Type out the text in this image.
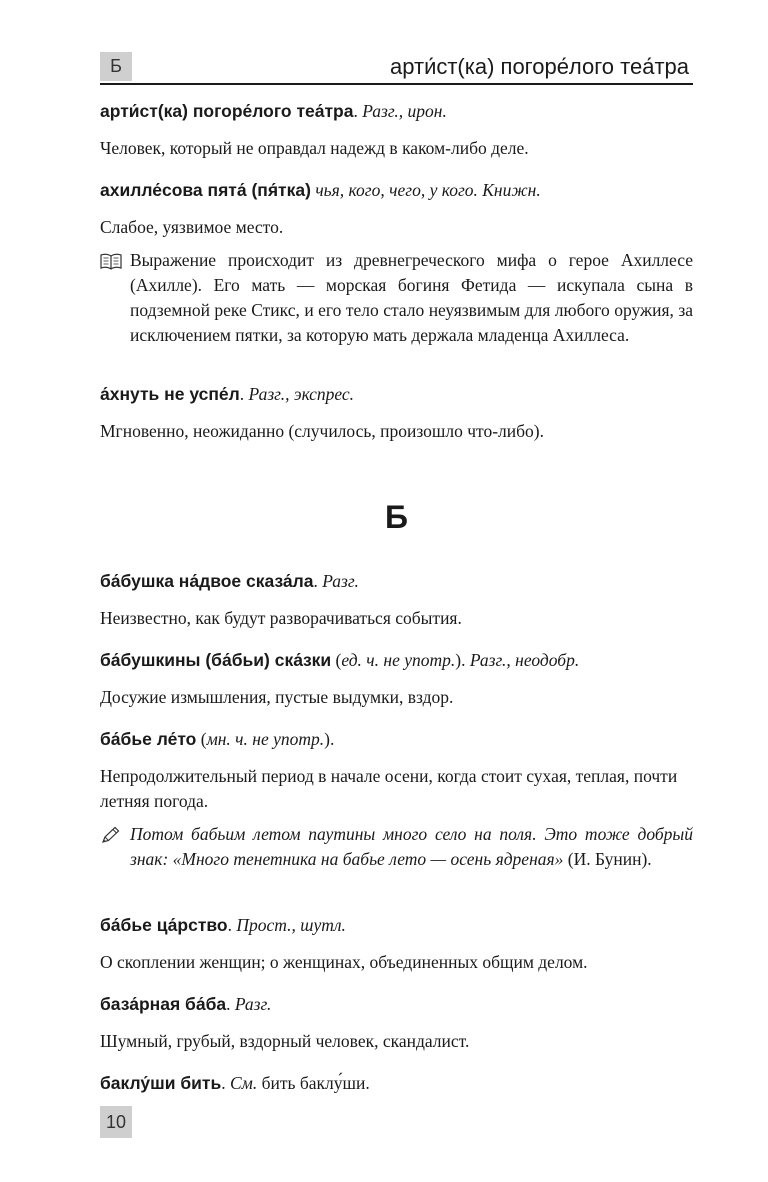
Б	арти́ст(ка) погоре́лого теа́тра
арти́ст(ка) погоре́лого теа́тра. Разг., ирон.
Человек, который не оправдал надежд в каком-либо деле.
ахилле́сова пята́ (пя́тка) чья, кого, чего, у кого. Книжн.
Слабое, уязвимое место.
Выражение происходит из древнегреческого мифа о герое Ахиллесе (Ахилле). Его мать — морская богиня Фетида — искупала сына в подземной реке Стикс, и его тело стало неуязвимым для любого оружия, за исключением пятки, за которую мать держала младенца Ахиллеса.
а́хнуть не успе́л. Разг., экспрес.
Мгновенно, неожиданно (случилось, произошло что-либо).
Б
ба́бушка на́двое сказа́ла. Разг.
Неизвестно, как будут разворачиваться события.
ба́бушкины (ба́бьи) ска́зки (ед. ч. не употр.). Разг., неодобр.
Досужие измышления, пустые выдумки, вздор.
ба́бье ле́то (мн. ч. не употр.).
Непродолжительный период в начале осени, когда стоит сухая, теплая, почти летняя погода.
Потом бабьим летом паутины много село на поля. Это тоже добрый знак: «Много тенетника на бабье лето — осень ядреная» (И. Бунин).
ба́бье ца́рство. Прост., шутл.
О скоплении женщин; о женщинах, объединенных общим делом.
база́рная ба́ба. Разг.
Шумный, грубый, вздорный человек, скандалист.
баклу́ши бить. См. бить баклу́ши.
10
